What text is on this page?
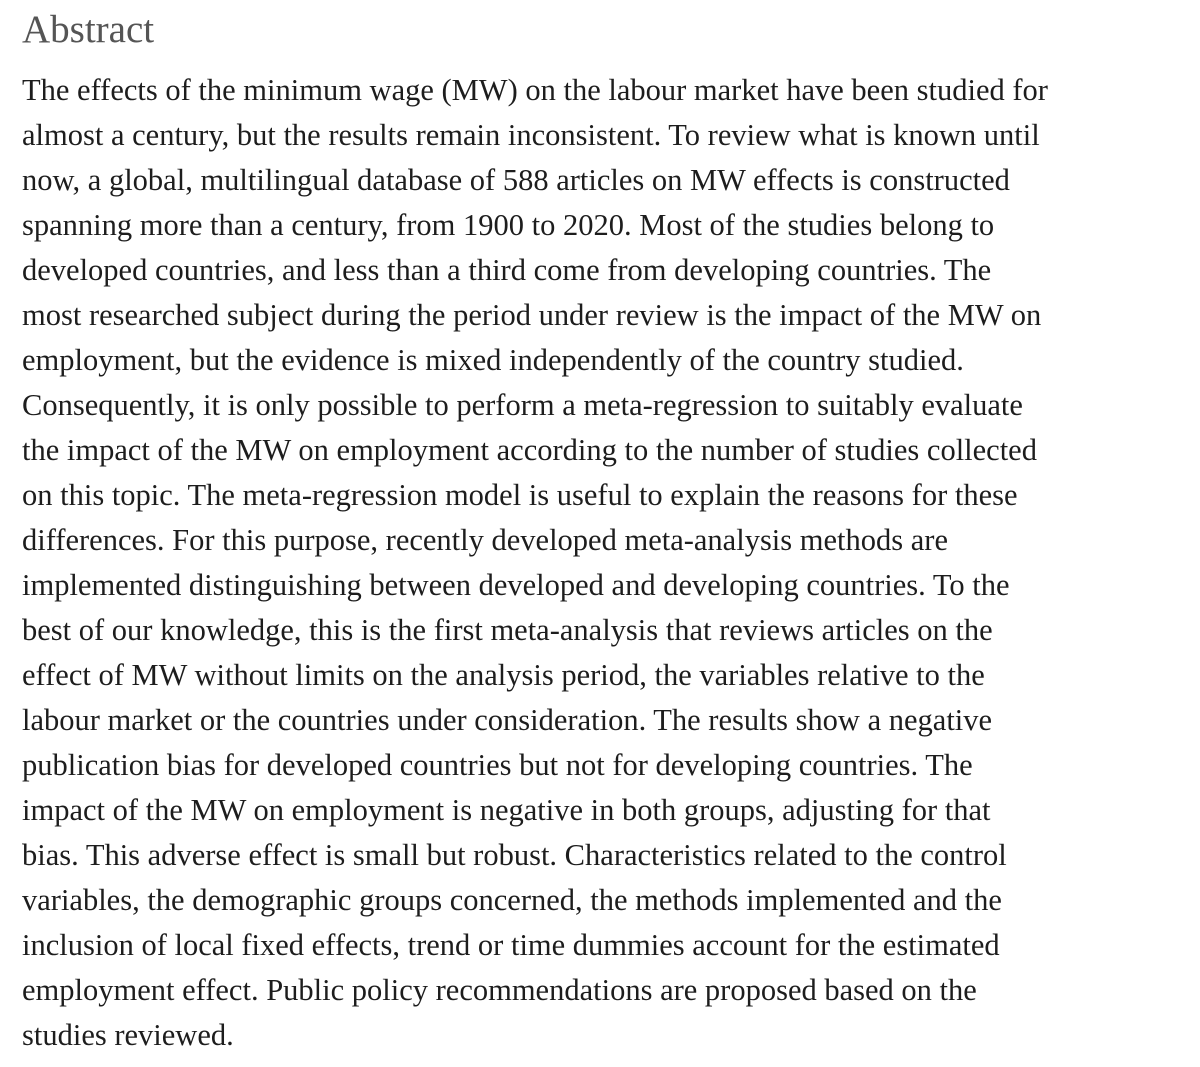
Abstract
The effects of the minimum wage (MW) on the labour market have been studied for
almost a century, but the results remain inconsistent. To review what is known until
now, a global, multilingual database of 588 articles on MW effects is constructed
spanning more than a century, from 1900 to 2020. Most of the studies belong to
developed countries, and less than a third come from developing countries. The
most researched subject during the period under review is the impact of the MW on
employment, but the evidence is mixed independently of the country studied.
Consequently, it is only possible to perform a meta-regression to suitably evaluate
the impact of the MW on employment according to the number of studies collected
on this topic. The meta-regression model is useful to explain the reasons for these
differences. For this purpose, recently developed meta-analysis methods are
implemented distinguishing between developed and developing countries. To the
best of our knowledge, this is the first meta-analysis that reviews articles on the
effect of MW without limits on the analysis period, the variables relative to the
labour market or the countries under consideration. The results show a negative
publication bias for developed countries but not for developing countries. The
impact of the MW on employment is negative in both groups, adjusting for that
bias. This adverse effect is small but robust. Characteristics related to the control
variables, the demographic groups concerned, the methods implemented and the
inclusion of local fixed effects, trend or time dummies account for the estimated
employment effect. Public policy recommendations are proposed based on the
studies reviewed.
